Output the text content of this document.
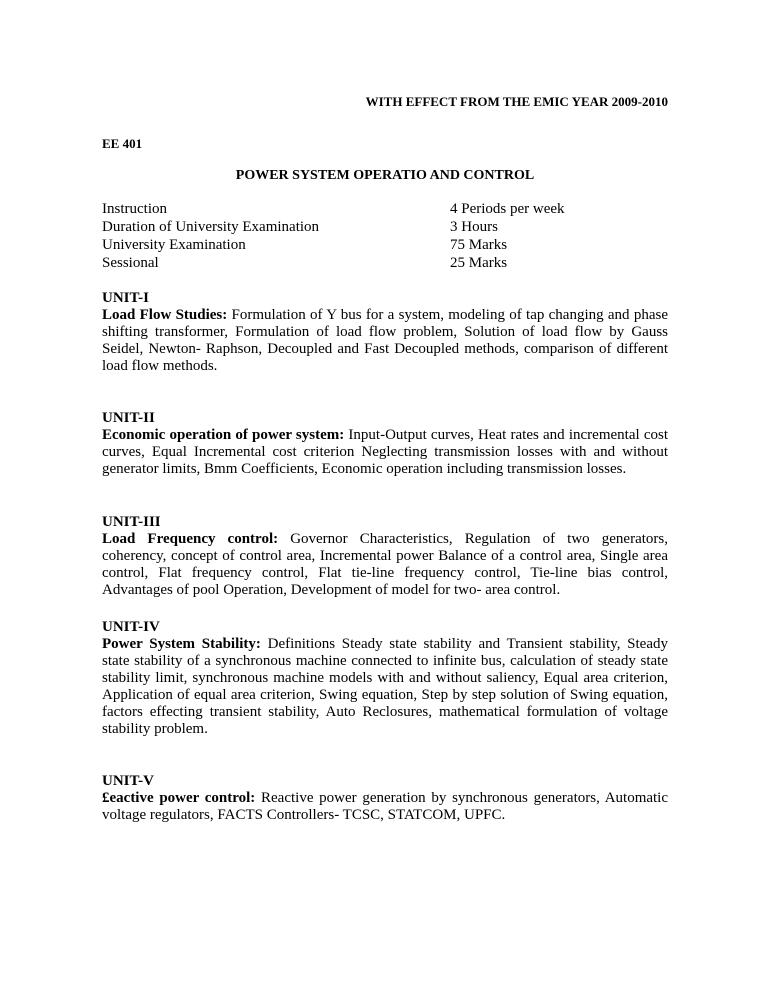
WITH EFFECT FROM THE EMIC YEAR 2009-2010
EE 401
POWER SYSTEM OPERATIO AND CONTROL
Instruction	4 Periods per week
Duration of University Examination	3 Hours
University Examination	75 Marks
Sessional	25 Marks
UNIT-I
Load Flow Studies: Formulation of Y bus for a system, modeling of tap changing and phase shifting transformer, Formulation of load flow problem, Solution of load flow by Gauss Seidel, Newton- Raphson, Decoupled and Fast Decoupled methods, comparison of different load flow methods.
UNIT-II
Economic operation of power system: Input-Output curves, Heat rates and incremental cost curves, Equal Incremental cost criterion Neglecting transmission losses with and without generator limits, Bmm Coefficients, Economic operation including transmission losses.
UNIT-III
Load Frequency control: Governor Characteristics, Regulation of two generators, coherency, concept of control area, Incremental power Balance of a control area, Single area control, Flat frequency control, Flat tie-line frequency control, Tie-line bias control, Advantages of pool Operation, Development of model for two- area control.
UNIT-IV
Power System Stability: Definitions Steady state stability and Transient stability, Steady state stability of a synchronous machine connected to infinite bus, calculation of steady state stability limit, synchronous machine models with and without saliency, Equal area criterion, Application of equal area criterion, Swing equation, Step by step solution of Swing equation, factors effecting transient stability, Auto Reclosures, mathematical formulation of voltage stability problem.
UNIT-V
£eactive power control: Reactive power generation by synchronous generators, Automatic voltage regulators, FACTS Controllers- TCSC, STATCOM, UPFC.
